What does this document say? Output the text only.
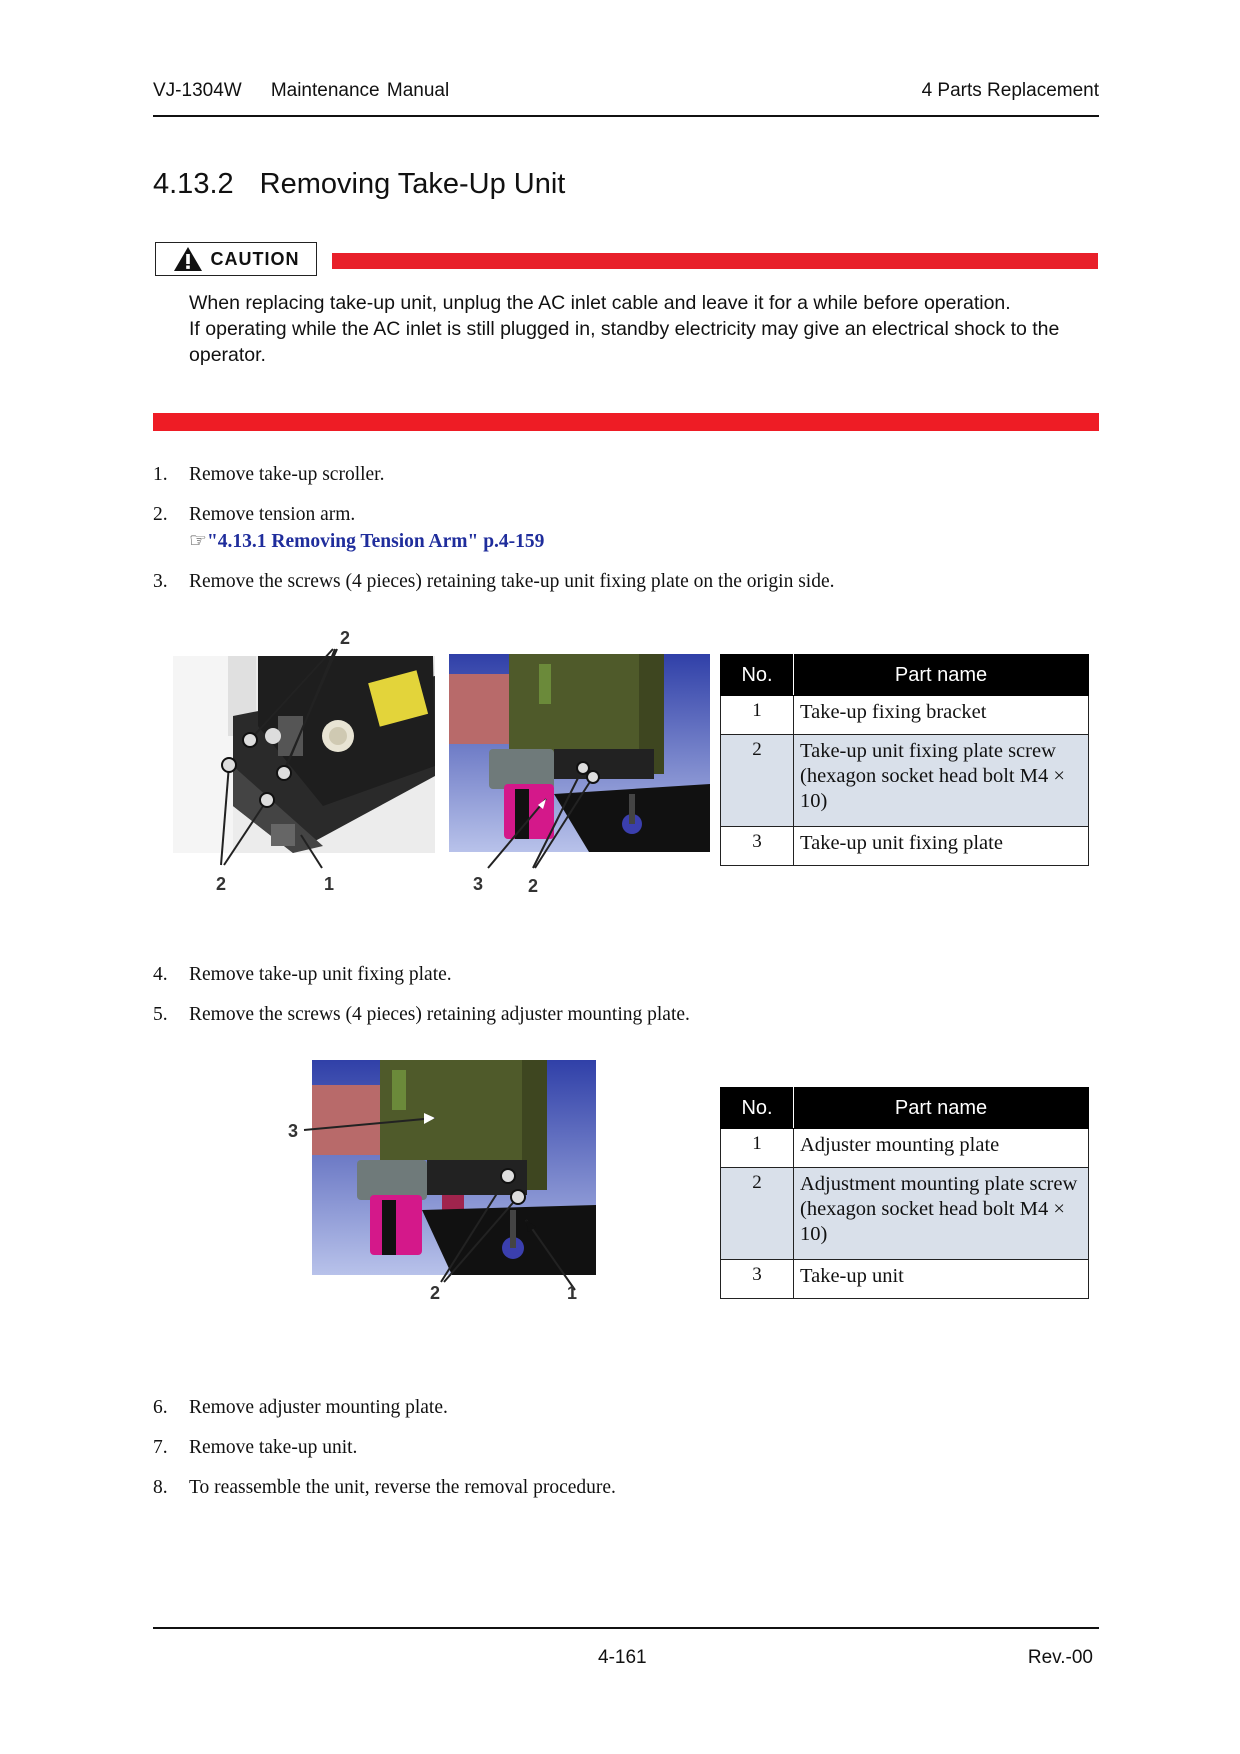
VJ-1304W    Maintenance Manual	4 Parts Replacement
4.13.2 Removing Take-Up Unit
CAUTION

When replacing take-up unit, unplug the AC inlet cable and leave it for a while before operation.

If operating while the AC inlet is still plugged in, standby electricity may give an electrical shock to the operator.

1. Remove take-up scroller.
2. Remove tension arm.
☞"4.13.1 Removing Tension Arm" p.4-159
3. Remove the screws (4 pieces) retaining take-up unit fixing plate on the origin side.
2
2	1	3 2
No.	Part name
1	Take-up fixing bracket
2	Take-up unit fixing plate screw (hexagon socket head bolt M4 × 10)
3	Take-up unit fixing plate
4. Remove take-up unit fixing plate.
5. Remove the screws (4 pieces) retaining adjuster mounting plate.
3
2	1
No.	Part name
1	Adjuster mounting plate
2	Adjustment mounting plate screw (hexagon socket head bolt M4 × 10)
3	Take-up unit
6. Remove adjuster mounting plate.
7. Remove take-up unit.
8. To reassemble the unit, reverse the removal procedure.
4-161	Rev.-00
